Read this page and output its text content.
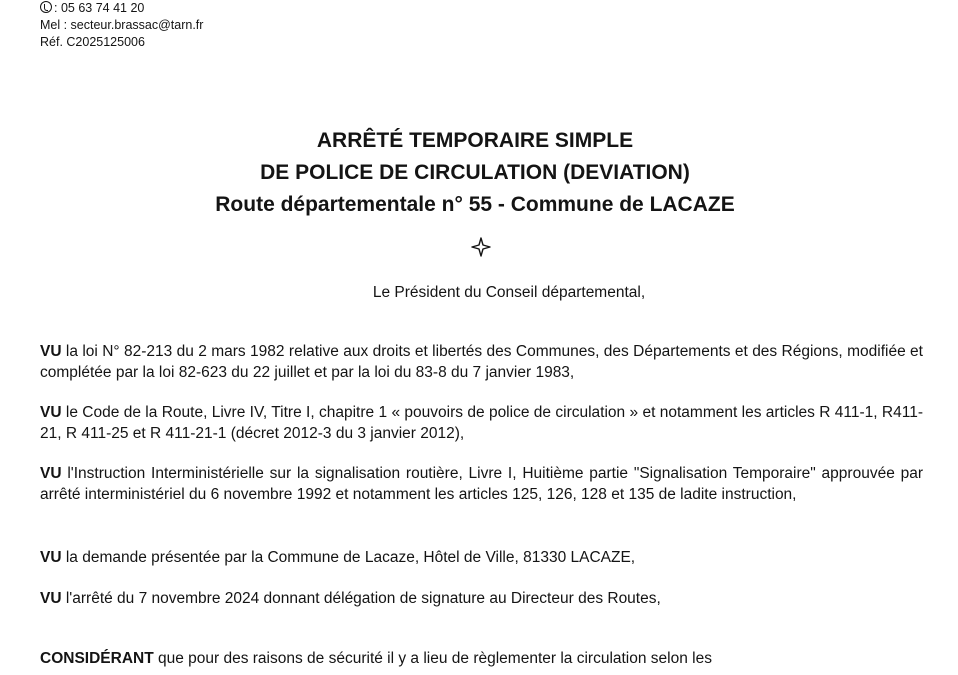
: 05 63 74 41 20
Mel : secteur.brassac@tarn.fr
Réf. C2025125006
ARRÊTÉ TEMPORAIRE SIMPLE
DE POLICE DE CIRCULATION (DEVIATION)
Route départementale n° 55 - Commune de LACAZE
Le Président du Conseil départemental,
VU la loi N° 82-213 du 2 mars 1982 relative aux droits et libertés des Communes, des Départements et des Régions, modifiée et complétée par la loi 82-623 du 22 juillet et par la loi du 83-8 du 7 janvier 1983,
VU le Code de la Route, Livre IV, Titre I, chapitre 1 « pouvoirs de police de circulation » et notamment les articles R 411-1, R411-21, R 411-25 et R 411-21-1 (décret 2012-3 du 3 janvier 2012),
VU l'Instruction Interministérielle sur la signalisation routière, Livre I, Huitième partie "Signalisation Temporaire" approuvée par arrêté interministériel du 6 novembre 1992 et notamment les articles 125, 126, 128 et 135 de ladite instruction,
VU la demande présentée par la Commune de Lacaze, Hôtel de Ville, 81330 LACAZE,
VU l'arrêté du 7 novembre 2024 donnant délégation de signature au Directeur des Routes,
CONSIDÉRANT que pour des raisons de sécurité il y a lieu de règlementer la circulation selon les
